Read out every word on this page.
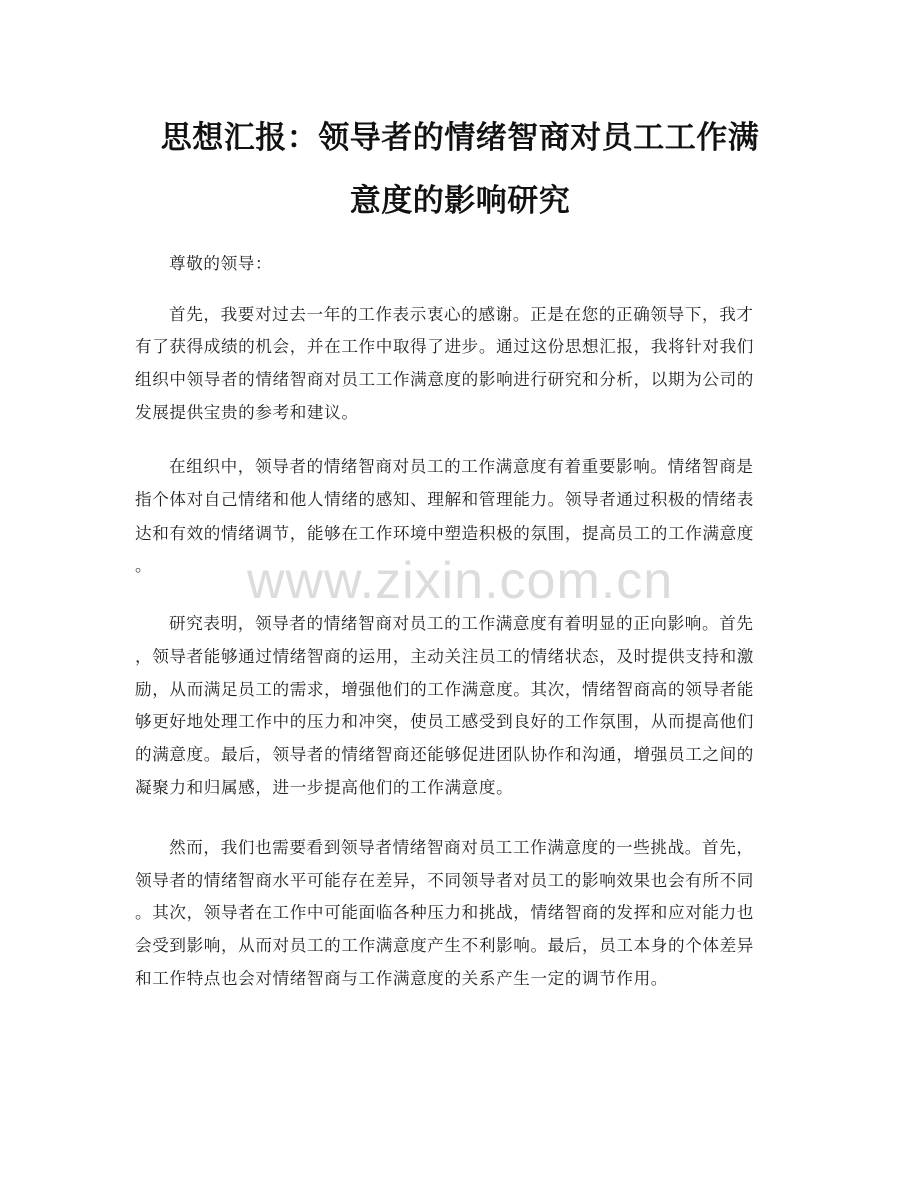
思想汇报：领导者的情绪智商对员工工作满
意度的影响研究
www.zixin.com.cn
尊敬的领导：
首先，我要对过去一年的工作表示衷心的感谢。正是在您的正确领导下，我才
有了获得成绩的机会，并在工作中取得了进步。通过这份思想汇报，我将针对我们
组织中领导者的情绪智商对员工工作满意度的影响进行研究和分析，以期为公司的
发展提供宝贵的参考和建议。
在组织中，领导者的情绪智商对员工的工作满意度有着重要影响。情绪智商是
指个体对自己情绪和他人情绪的感知、理解和管理能力。领导者通过积极的情绪表
达和有效的情绪调节，能够在工作环境中塑造积极的氛围，提高员工的工作满意度
。
研究表明，领导者的情绪智商对员工的工作满意度有着明显的正向影响。首先
，领导者能够通过情绪智商的运用，主动关注员工的情绪状态，及时提供支持和激
励，从而满足员工的需求，增强他们的工作满意度。其次，情绪智商高的领导者能
够更好地处理工作中的压力和冲突，使员工感受到良好的工作氛围，从而提高他们
的满意度。最后，领导者的情绪智商还能够促进团队协作和沟通，增强员工之间的
凝聚力和归属感，进一步提高他们的工作满意度。
然而，我们也需要看到领导者情绪智商对员工工作满意度的一些挑战。首先，
领导者的情绪智商水平可能存在差异，不同领导者对员工的影响效果也会有所不同
。其次，领导者在工作中可能面临各种压力和挑战，情绪智商的发挥和应对能力也
会受到影响，从而对员工的工作满意度产生不利影响。最后，员工本身的个体差异
和工作特点也会对情绪智商与工作满意度的关系产生一定的调节作用。
